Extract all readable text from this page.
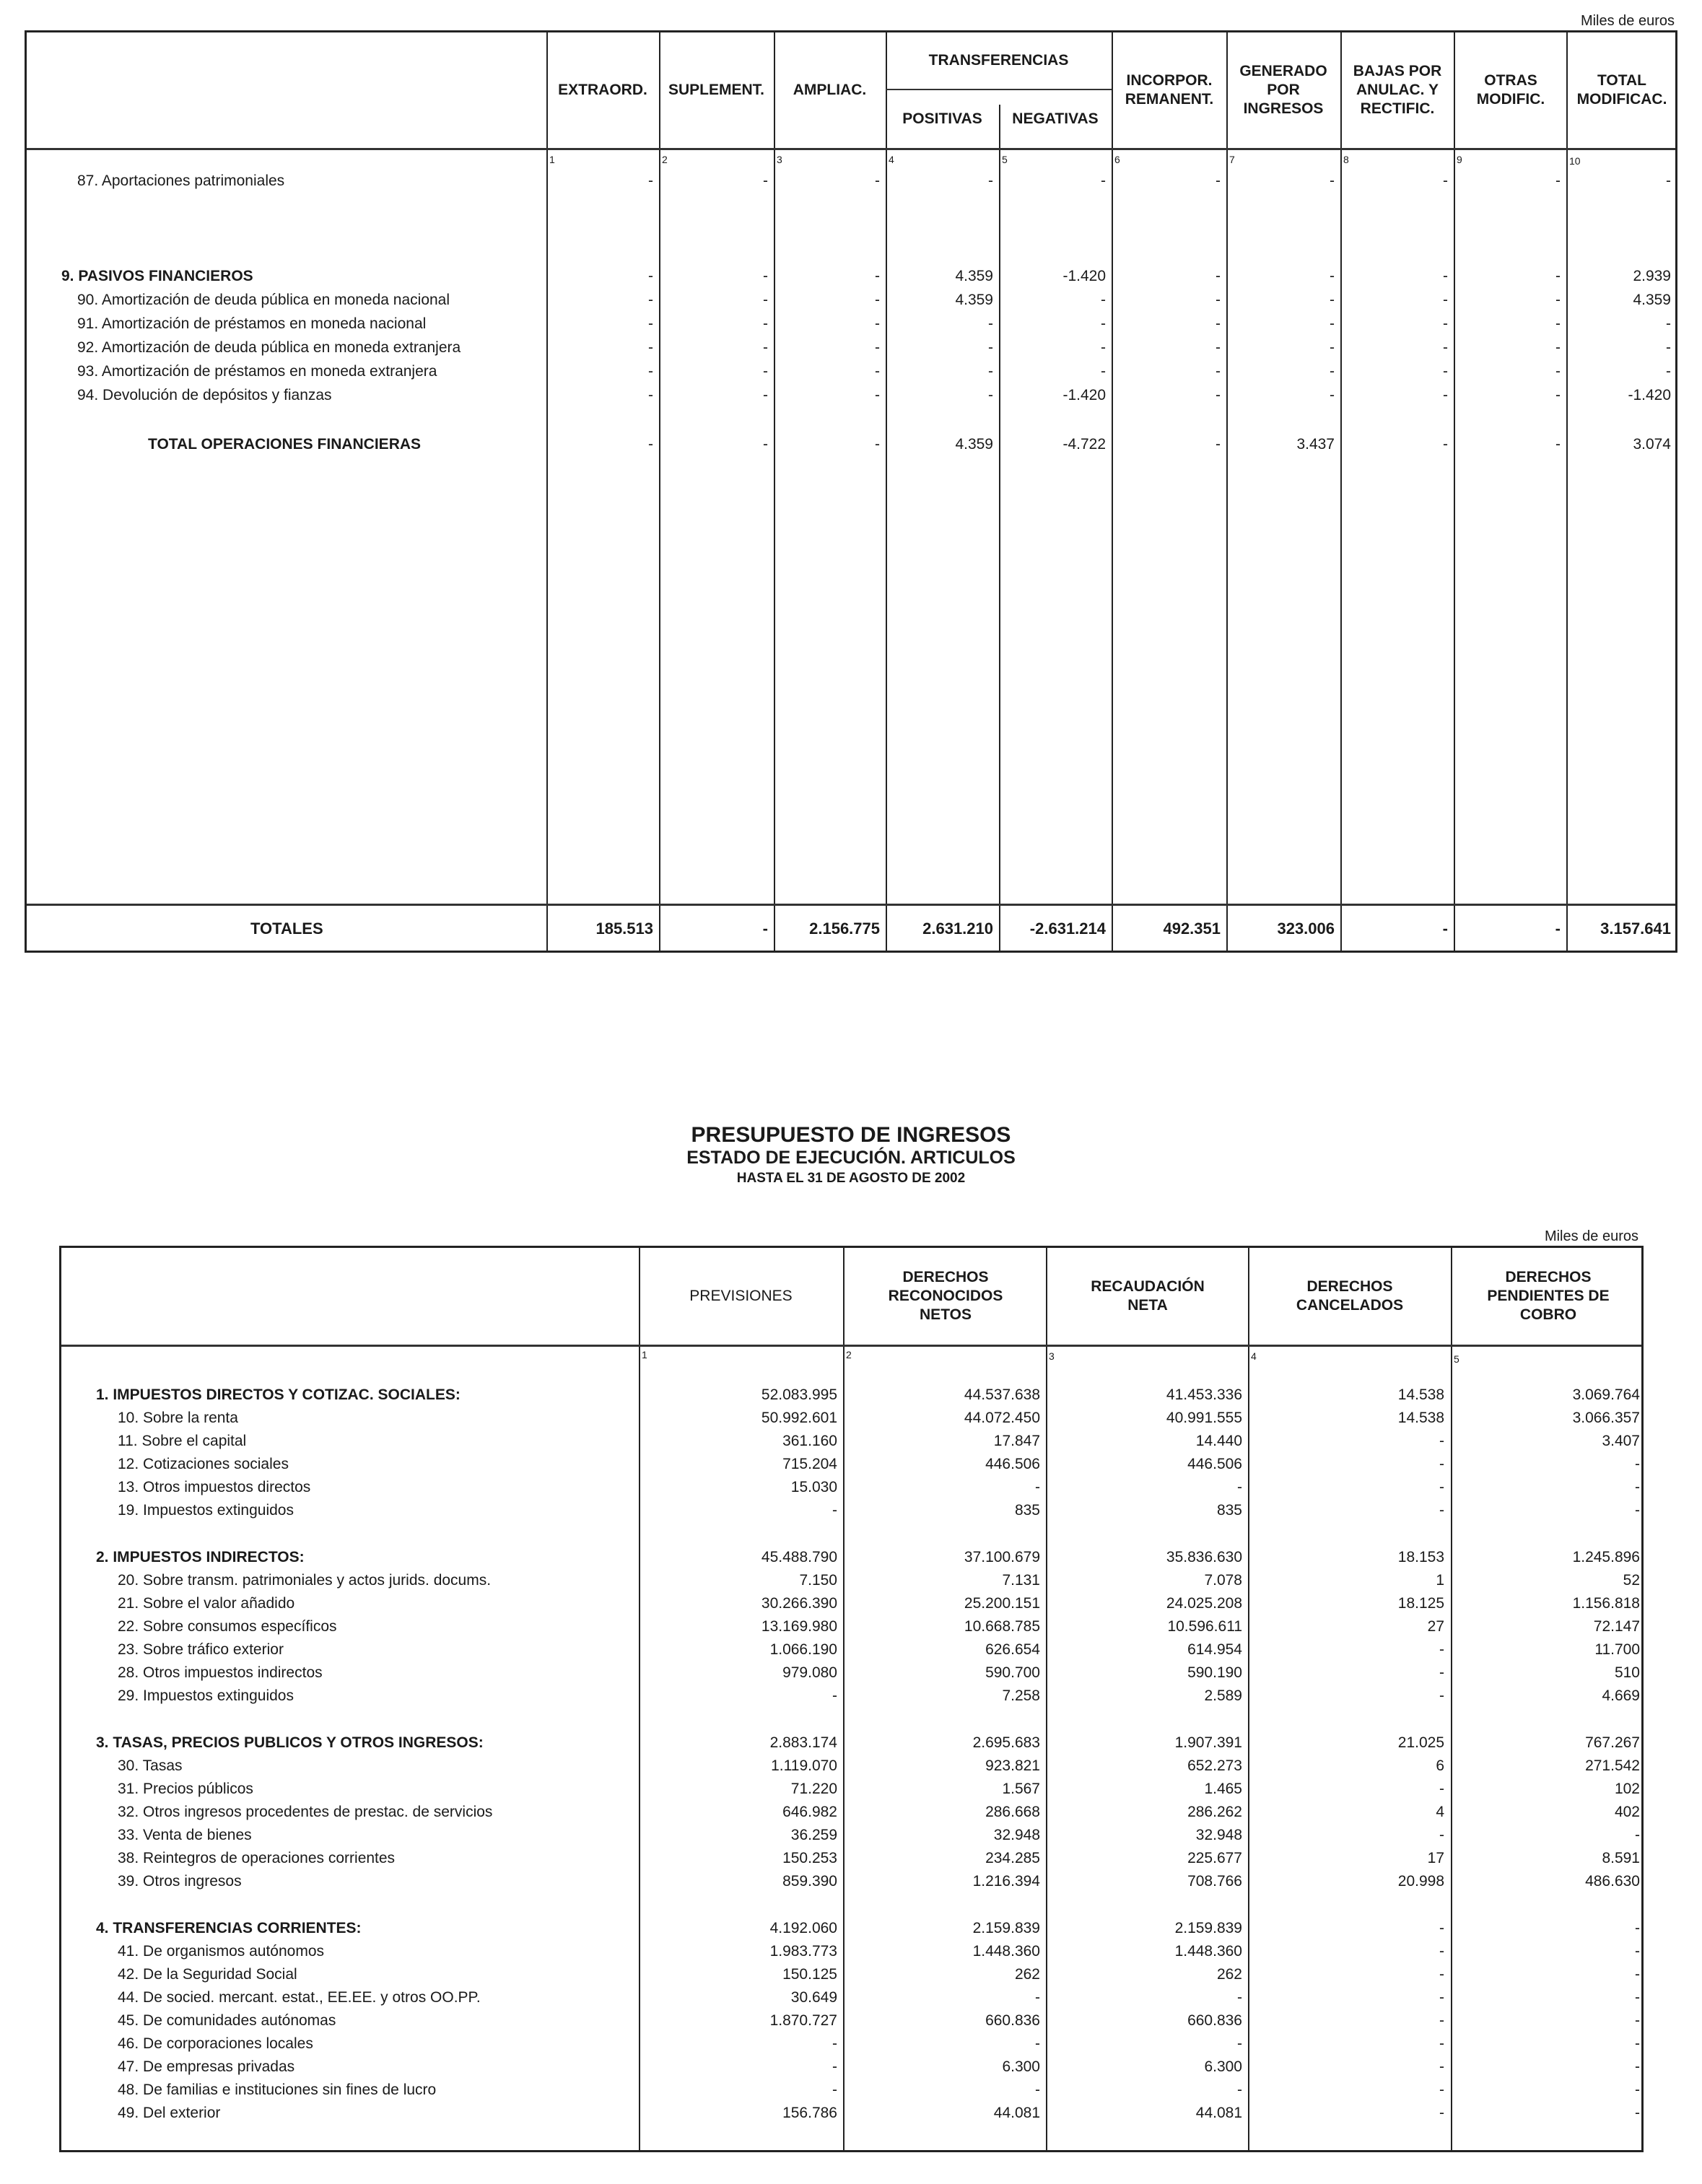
Miles de euros
EXTRAORD.	SUPLEMENT.	AMPLIAC.
TRANSFERENCIAS
POSITIVAS	NEGATIVAS
INCORPOR. REMANENT.
GENERADO POR INGRESOS
BAJAS POR ANULAC. Y RECTIFIC.
OTRAS MODIFIC.
TOTAL MODIFICAC.
1	2	3	4	5	6	7	8	9	10
87. Aportaciones patrimoniales	-	-	-	-	-	-	-	-	-	-
9. PASIVOS FINANCIEROS	-	-	-	4.359	-1.420	-	-	-	-	2.939
90. Amortización de deuda pública en moneda nacional	-	-	-	4.359	-	-	-	-	-	4.359
91. Amortización de préstamos en moneda nacional	-	-	-	-	-	-	-	-	-	-
92. Amortización de deuda pública en moneda extranjera	-	-	-	-	-	-	-	-	-	-
93. Amortización de préstamos en moneda extranjera	-	-	-	-	-	-	-	-	-	-
94. Devolución de depósitos y fianzas	-	-	-	-	-1.420	-	-	-	-	-1.420
TOTAL OPERACIONES FINANCIERAS	-	-	-	4.359	-4.722	-	3.437	-	-	3.074
TOTALES	185.513	-	2.156.775	2.631.210	-2.631.214	492.351	323.006	-	-	3.157.641
PRESUPUESTO DE INGRESOS
ESTADO DE EJECUCIÓN. ARTICULOS
HASTA EL 31 DE AGOSTO DE 2002
Miles de euros
PREVISIONES
DERECHOS RECONOCIDOS NETOS
RECAUDACIÓN NETA
DERECHOS CANCELADOS
DERECHOS PENDIENTES DE COBRO
1	2	3	4	5
1. IMPUESTOS DIRECTOS Y COTIZAC. SOCIALES:	52.083.995	44.537.638	41.453.336	14.538	3.069.764
10. Sobre la renta	50.992.601	44.072.450	40.991.555	14.538	3.066.357
11. Sobre el capital	361.160	17.847	14.440	-	3.407
12. Cotizaciones sociales	715.204	446.506	446.506	-	-
13. Otros impuestos directos	15.030	-	-	-	-
19. Impuestos extinguidos	-	835	835	-	-
2. IMPUESTOS INDIRECTOS:	45.488.790	37.100.679	35.836.630	18.153	1.245.896
20. Sobre transm. patrimoniales y actos jurids. docums.	7.150	7.131	7.078	1	52
21. Sobre el valor añadido	30.266.390	25.200.151	24.025.208	18.125	1.156.818
22. Sobre consumos específicos	13.169.980	10.668.785	10.596.611	27	72.147
23. Sobre tráfico exterior	1.066.190	626.654	614.954	-	11.700
28. Otros impuestos indirectos	979.080	590.700	590.190	-	510
29. Impuestos extinguidos	-	7.258	2.589	-	4.669
3. TASAS, PRECIOS PUBLICOS Y OTROS INGRESOS:	2.883.174	2.695.683	1.907.391	21.025	767.267
30. Tasas	1.119.070	923.821	652.273	6	271.542
31. Precios públicos	71.220	1.567	1.465	-	102
32. Otros ingresos procedentes de prestac. de servicios	646.982	286.668	286.262	4	402
33. Venta de bienes	36.259	32.948	32.948	-	-
38. Reintegros de operaciones corrientes	150.253	234.285	225.677	17	8.591
39. Otros ingresos	859.390	1.216.394	708.766	20.998	486.630
4. TRANSFERENCIAS CORRIENTES:	4.192.060	2.159.839	2.159.839	-	-
41. De organismos autónomos	1.983.773	1.448.360	1.448.360	-	-
42. De la Seguridad Social	150.125	262	262	-	-
44. De socied. mercant. estat., EE.EE. y otros OO.PP.	30.649	-	-	-	-
45. De comunidades autónomas	1.870.727	660.836	660.836	-	-
46. De corporaciones locales	-	-	-	-	-
47. De empresas privadas	-	6.300	6.300	-	-
48. De familias e instituciones sin fines de lucro	-	-	-	-	-
49. Del exterior	156.786	44.081	44.081	-	-
